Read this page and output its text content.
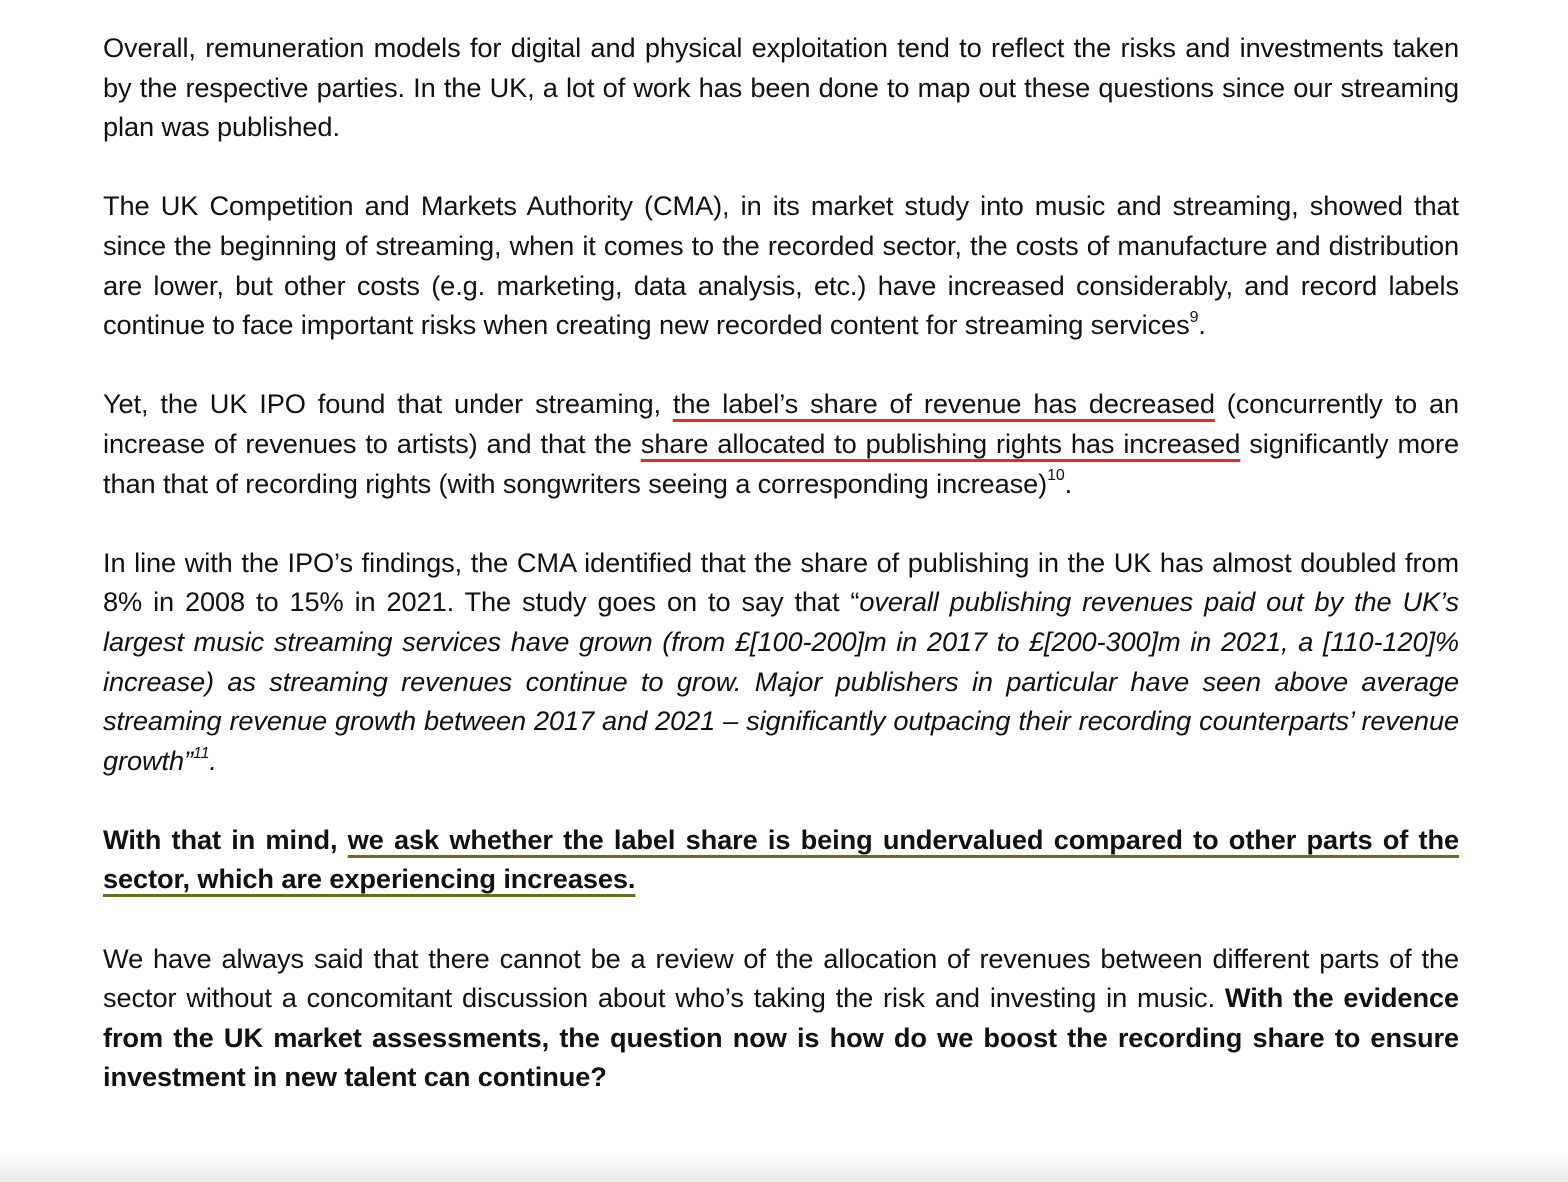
Overall, remuneration models for digital and physical exploitation tend to reflect the risks and investments taken by the respective parties. In the UK, a lot of work has been done to map out these questions since our streaming plan was published.

The UK Competition and Markets Authority (CMA), in its market study into music and streaming, showed that since the beginning of streaming, when it comes to the recorded sector, the costs of manufacture and distribution are lower, but other costs (e.g. marketing, data analysis, etc.) have increased considerably, and record labels continue to face important risks when creating new recorded content for streaming services$^9$.

Yet, the UK IPO found that under streaming, the label’s share of revenue has decreased (concurrently to an increase of revenues to artists) and that the share allocated to publishing rights has increased significantly more than that of recording rights (with songwriters seeing a corresponding increase)$^{10}$.

In line with the IPO’s findings, the CMA identified that the share of publishing in the UK has almost doubled from 8% in 2008 to 15% in 2021. The study goes on to say that “overall publishing revenues paid out by the UK’s largest music streaming services have grown (from £[100-200]m in 2017 to £[200-300]m in 2021, a [110-120]% increase) as streaming revenues continue to grow. Major publishers in particular have seen above average streaming revenue growth between 2017 and 2021 – significantly outpacing their recording counterparts’ revenue growth”$^{11}$.

With that in mind, we ask whether the label share is being undervalued compared to other parts of the sector, which are experiencing increases.

We have always said that there cannot be a review of the allocation of revenues between different parts of the sector without a concomitant discussion about who’s taking the risk and investing in music. With the evidence from the UK market assessments, the question now is how do we boost the recording share to ensure investment in new talent can continue?
